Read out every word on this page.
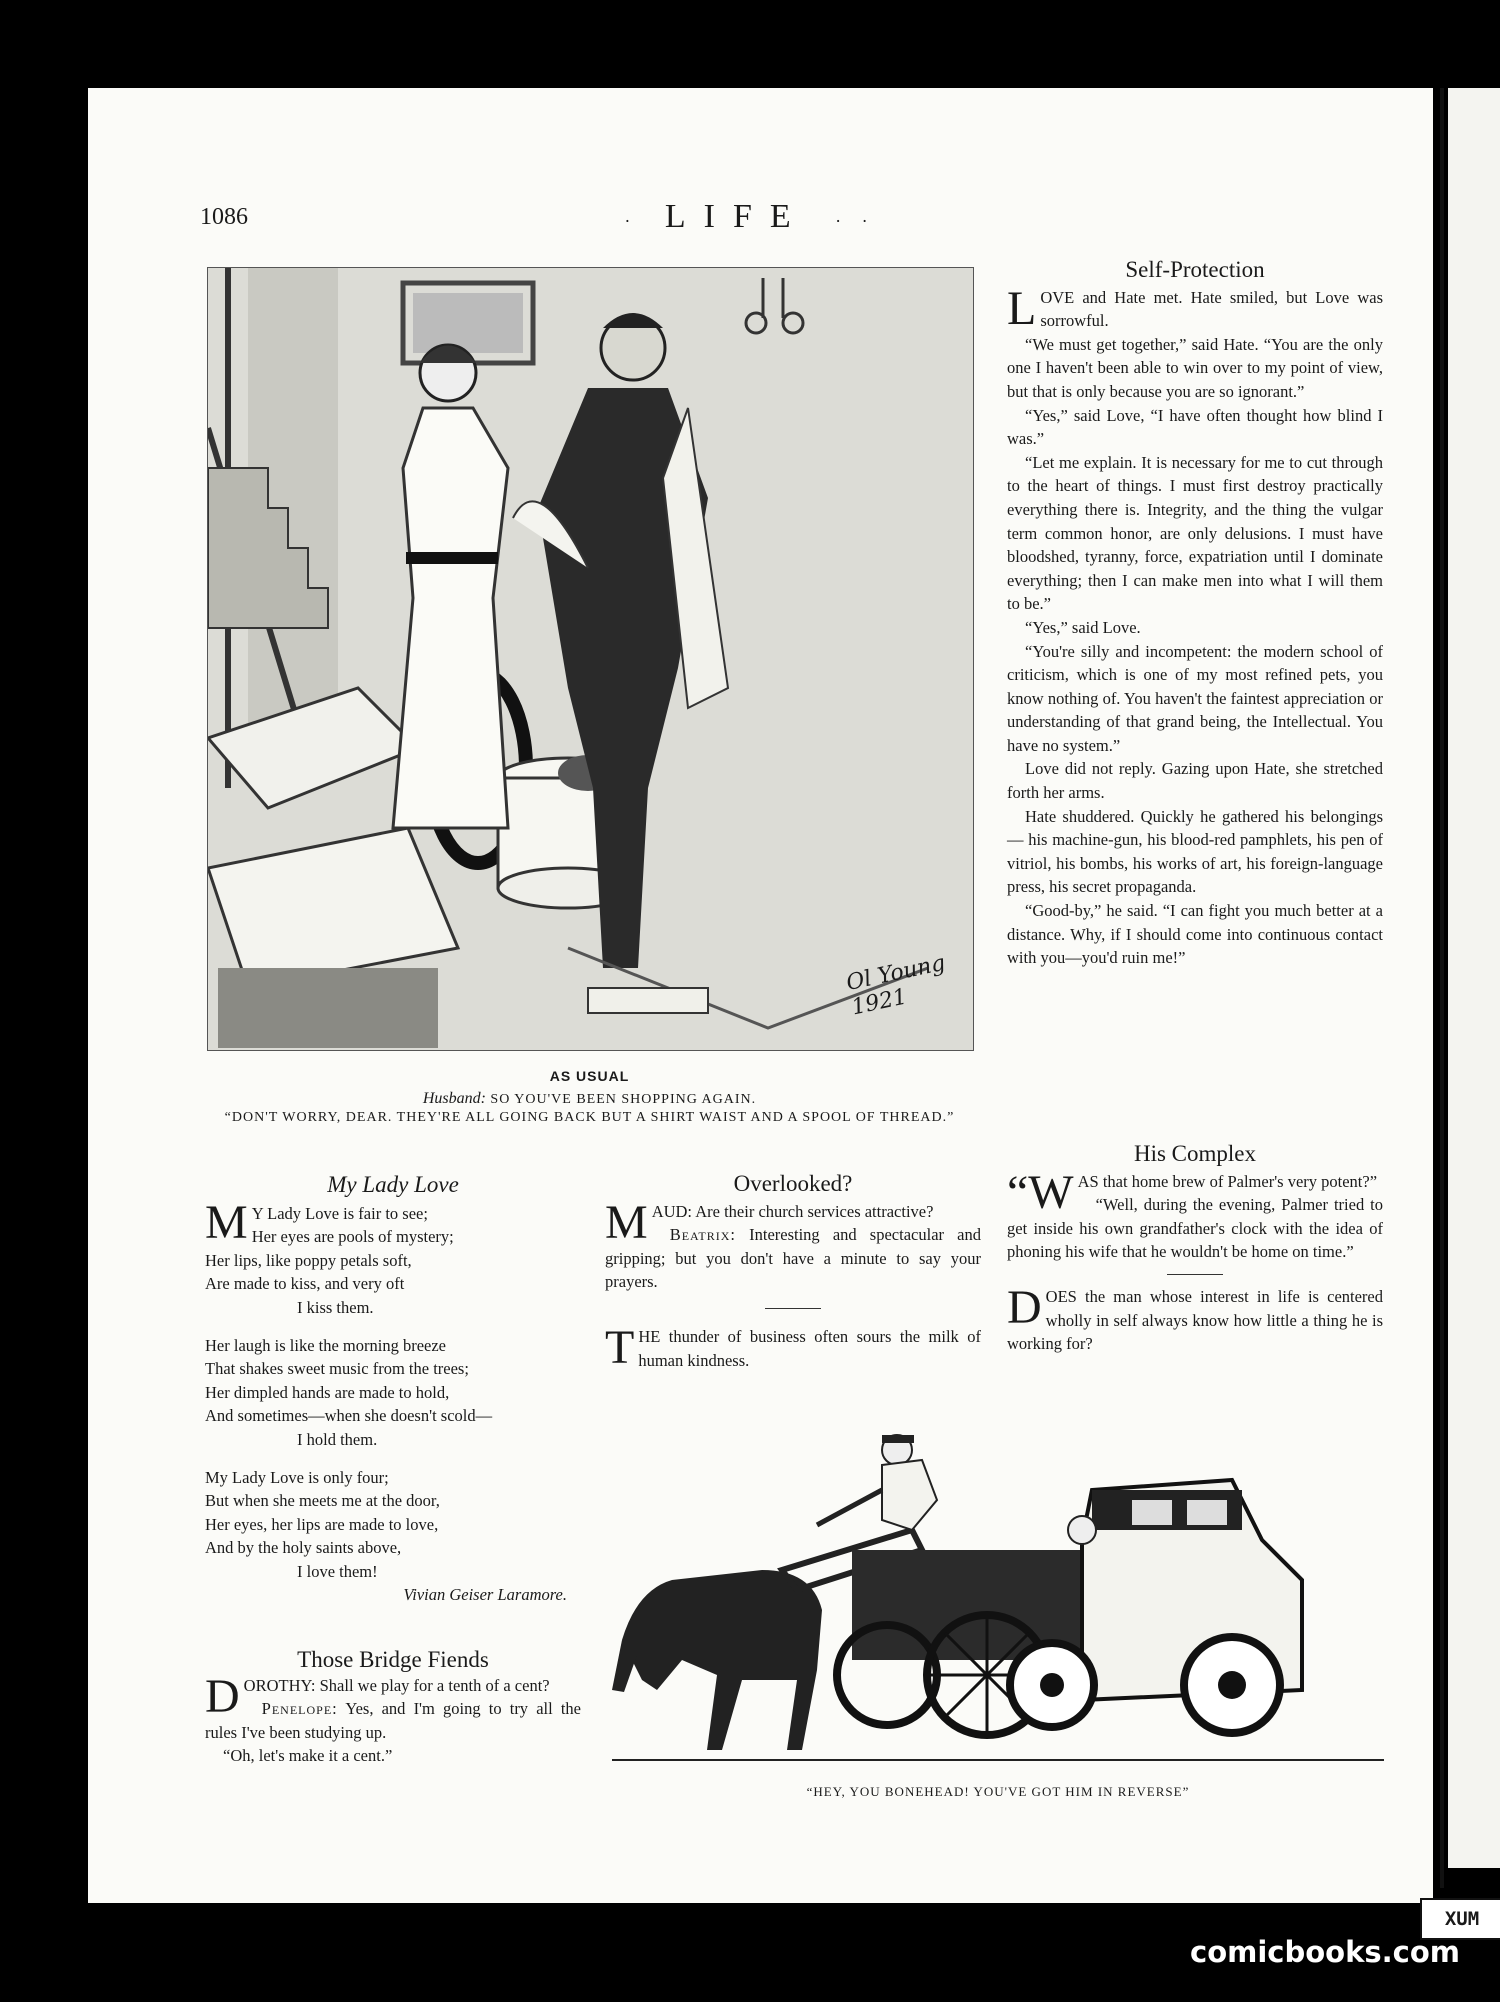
1086	· LIFE · ·
Ol Young 1921
AS USUAL
Husband: SO YOU'VE BEEN SHOPPING AGAIN.
“DON'T WORRY, DEAR. THEY'RE ALL GOING BACK BUT A SHIRT WAIST AND A SPOOL OF THREAD.”
Self-Protection

LOVE and Hate met. Hate smiled, but Love was sorrowful.

“We must get together,” said Hate. “You are the only one I haven't been able to win over to my point of view, but that is only because you are so ignorant.”

“Yes,” said Love, “I have often thought how blind I was.”

“Let me explain. It is necessary for me to cut through to the heart of things. I must first destroy practically everything there is. Integrity, and the thing the vulgar term common honor, are only delusions. I must have bloodshed, tyranny, force, expatriation until I dominate everything; then I can make men into what I will them to be.”

“Yes,” said Love.

“You're silly and incompetent: the modern school of criticism, which is one of my most refined pets, you know nothing of. You haven't the faintest appreciation or understanding of that grand being, the Intellectual. You have no system.”

Love did not reply. Gazing upon Hate, she stretched forth her arms.

Hate shuddered. Quickly he gathered his belongings — his machine-gun, his blood-red pamphlets, his pen of vitriol, his bombs, his works of art, his foreign-language press, his secret propaganda.

“Good-by,” he said. “I can fight you much better at a distance. Why, if I should come into continuous contact with you—you'd ruin me!”

His Complex

“WAS that home brew of Palmer's very potent?”

“Well, during the evening, Palmer tried to get inside his own grandfather's clock with the idea of phoning his wife that he wouldn't be home on time.”

DOES the man whose interest in life is centered wholly in self always know how little a thing he is working for?

My Lady Love
M Y Lady Love is fair to see;
Her eyes are pools of mystery;
Her lips, like poppy petals soft,
Are made to kiss, and very oft
I kiss them.
Her laugh is like the morning breeze
That shakes sweet music from the trees;
Her dimpled hands are made to hold,
And sometimes—when she doesn't scold—
I hold them.
My Lady Love is only four;
But when she meets me at the door,
Her eyes, her lips are made to love,
And by the holy saints above,
I love them!
Vivian Geiser Laramore.
Those Bridge Fiends

DOROTHY: Shall we play for a tenth of a cent?

Penelope: Yes, and I'm going to try all the rules I've been studying up.

“Oh, let's make it a cent.”

Overlooked?

MAUD: Are their church services attractive?

Beatrix: Interesting and spectacular and gripping; but you don't have a minute to say your prayers.

THE thunder of business often sours the milk of human kindness.

“HEY, YOU BONEHEAD! YOU'VE GOT HIM IN REVERSE”
XUM
comicbooks.com
